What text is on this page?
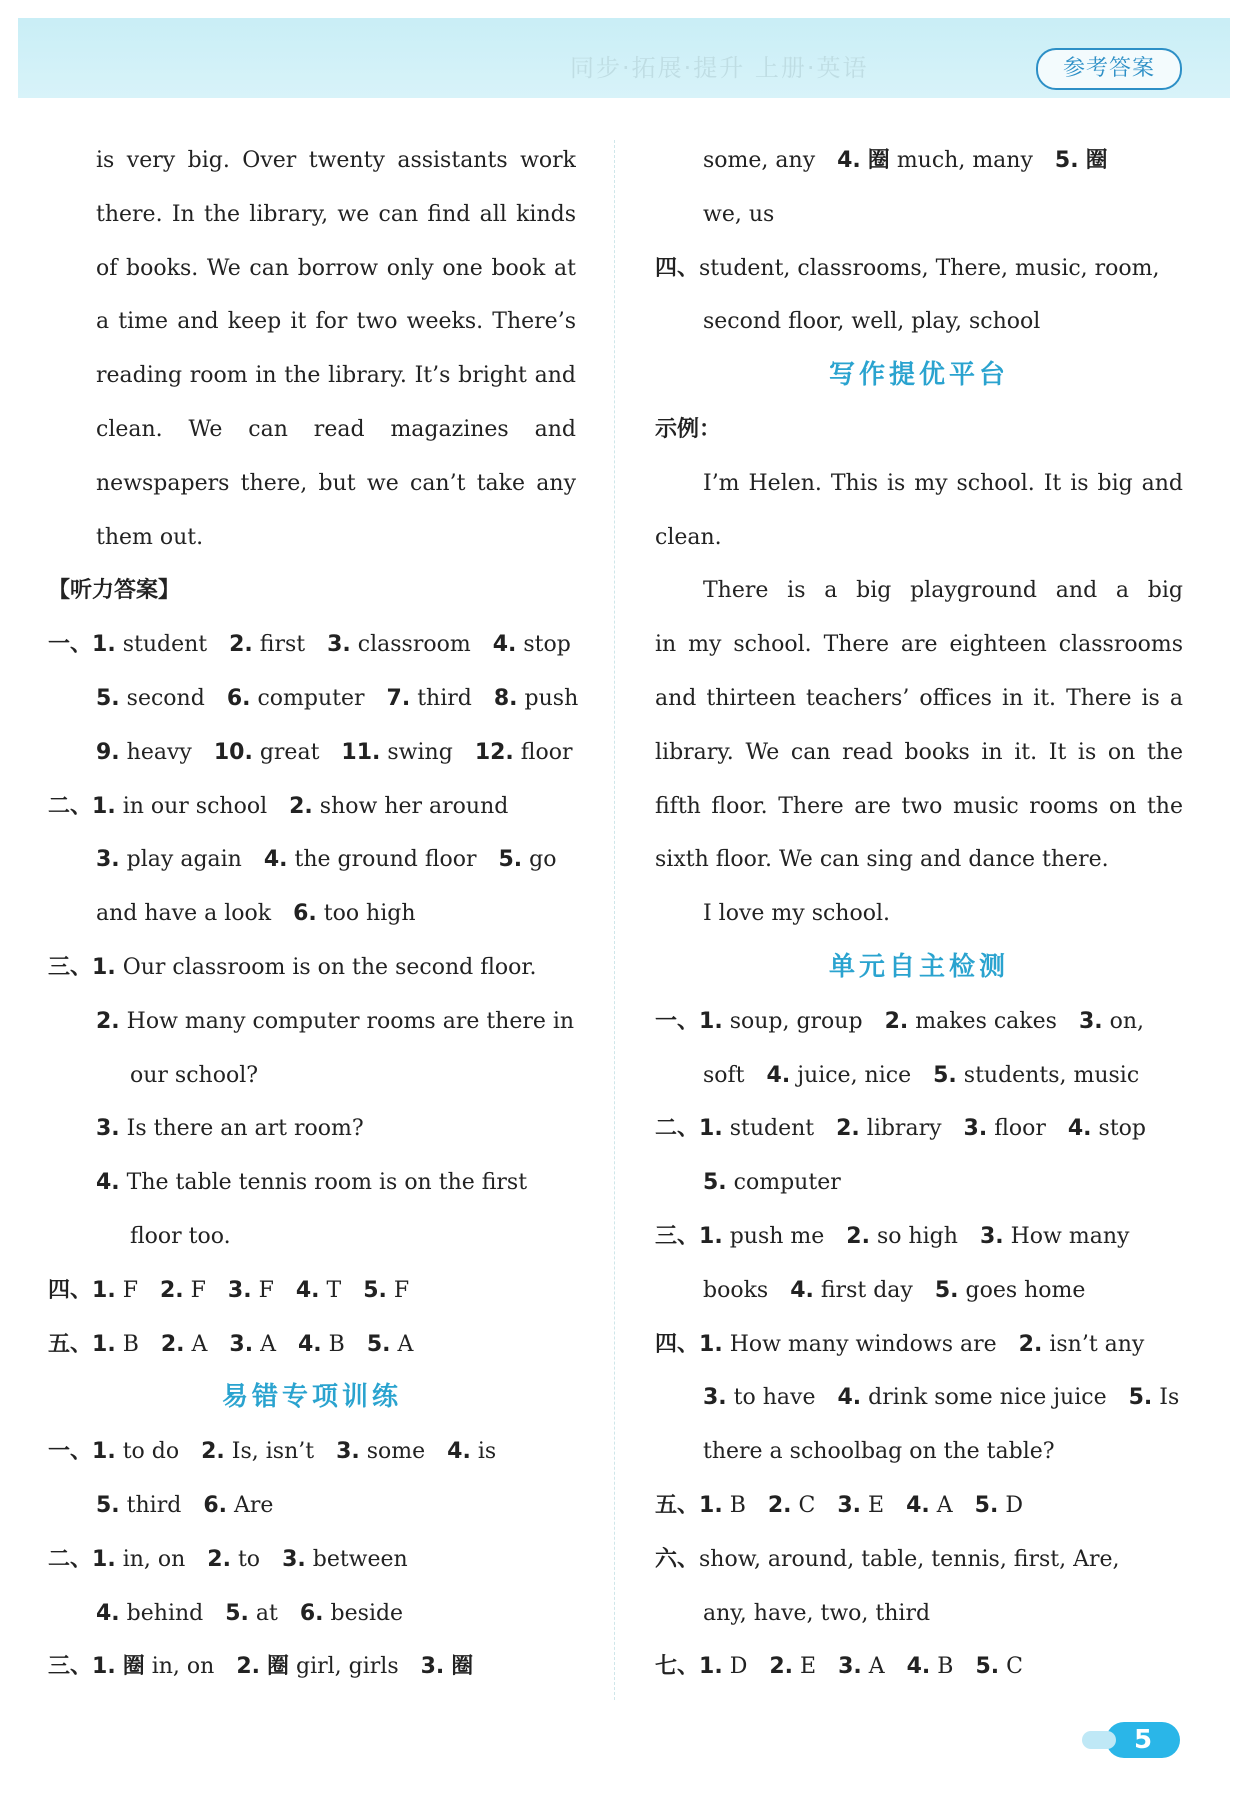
同步·拓展·提升 上册·英语	参考答案
is very big. Over twenty assistants work
there. In the library, we can find all kinds
of books. We can borrow only one book at
a time and keep it for two weeks. There’s
reading room in the library. It’s bright and
clean. We can read magazines and
newspapers there, but we can’t take any
them out.
【听力答案】
一、1. student 2. first 3. classroom 4. stop
5. second 6. computer 7. third 8. push
9. heavy 10. great 11. swing 12. floor
二、1. in our school 2. show her around
3. play again 4. the ground floor 5. go
and have a look 6. too high
三、1. Our classroom is on the second floor.
2. How many computer rooms are there in
our school?
3. Is there an art room?
4. The table tennis room is on the first
floor too.
四、1. F 2. F 3. F 4. T 5. F
五、1. B 2. A 3. A 4. B 5. A
易错专项训练
一、1. to do 2. Is, isn’t 3. some 4. is
5. third 6. Are
二、1. in, on 2. to 3. between
4. behind 5. at 6. beside
三、1. 圈 in, on 2. 圈 girl, girls 3. 圈
some, any 4. 圈 much, many 5. 圈
we, us
四、student, classrooms, There, music, room,
second floor, well, play, school
写作提优平台
示例：
I’m Helen. This is my school. It is big and
clean.
There is a big playground and a big
in my school. There are eighteen classrooms
and thirteen teachers’ offices in it. There is a
library. We can read books in it. It is on the
fifth floor. There are two music rooms on the
sixth floor. We can sing and dance there.
I love my school.
单元自主检测
一、1. soup, group 2. makes cakes 3. on,
soft 4. juice, nice 5. students, music
二、1. student 2. library 3. floor 4. stop
5. computer
三、1. push me 2. so high 3. How many
books 4. first day 5. goes home
四、1. How many windows are 2. isn’t any
3. to have 4. drink some nice juice 5. Is
there a schoolbag on the table?
五、1. B 2. C 3. E 4. A 5. D
六、show, around, table, tennis, first, Are,
any, have, two, third
七、1. D 2. E 3. A 4. B 5. C
5
